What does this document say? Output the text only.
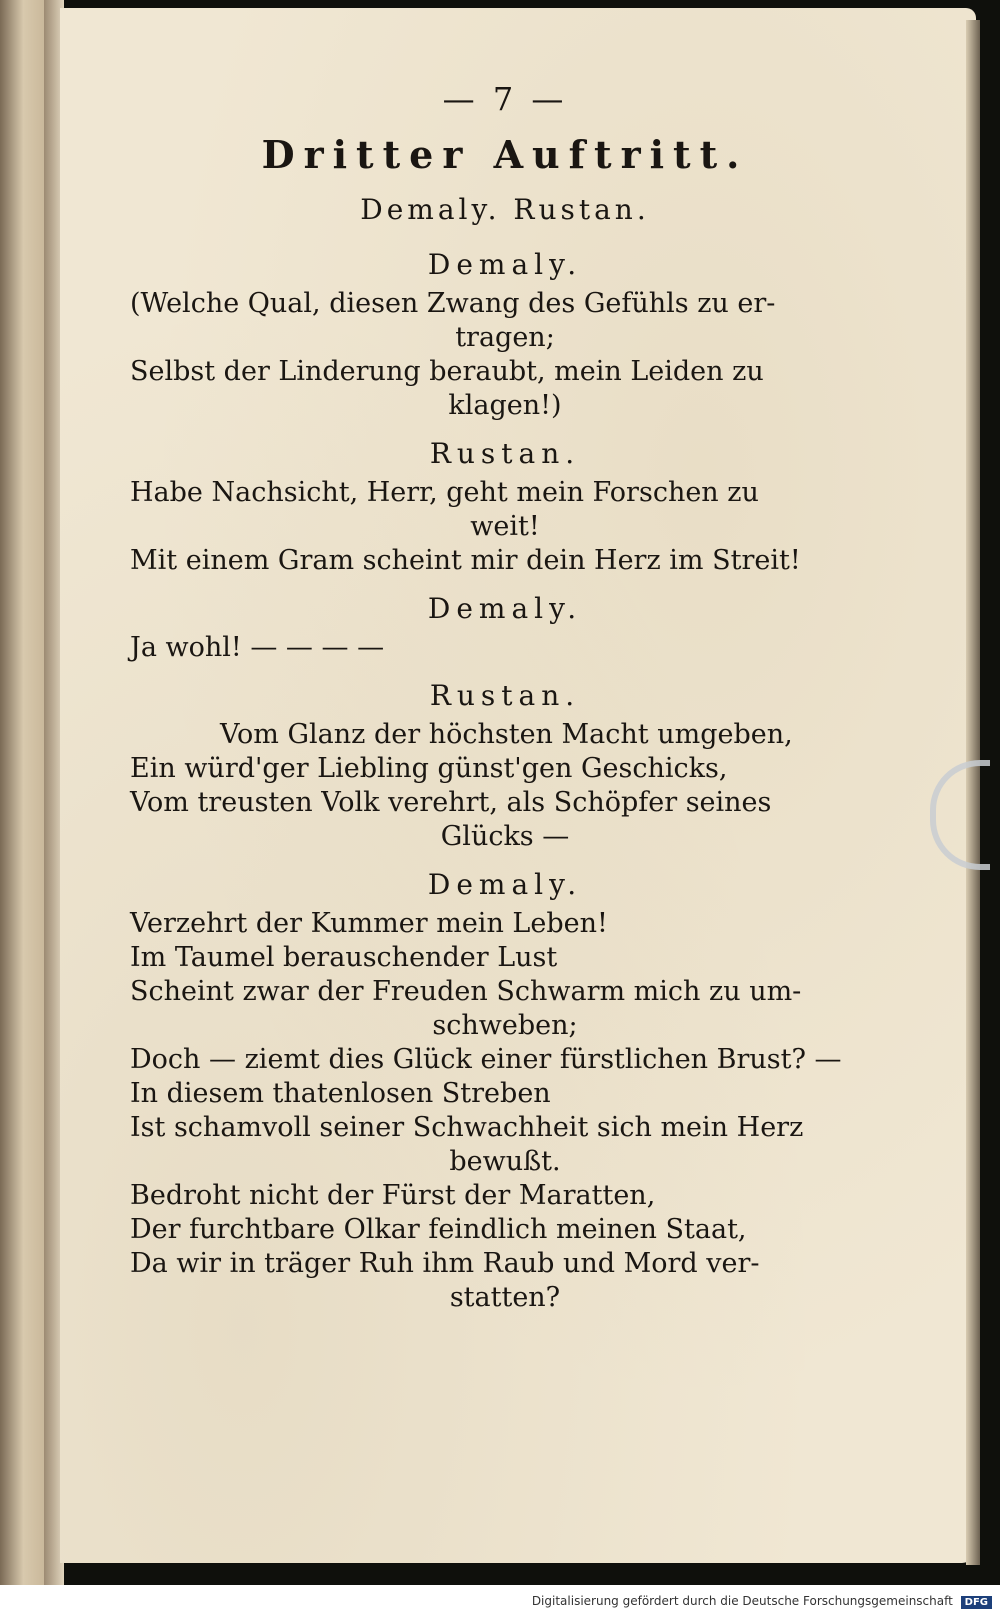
— 7 —
Dritter Auftritt.
Demaly. Rustan.
Demaly.
(Welche Qual, diesen Zwang des Gefühls zu er-
tragen;
Selbst der Linderung beraubt, mein Leiden zu
klagen!)
Rustan.
Habe Nachsicht, Herr, geht mein Forschen zu
weit!
Mit einem Gram scheint mir dein Herz im Streit!
Demaly.
Ja wohl! — — — —
Rustan.
Vom Glanz der höchsten Macht umgeben,
Ein würd'ger Liebling günst'gen Geschicks,
Vom treusten Volk verehrt, als Schöpfer seines
Glücks —
Demaly.
Verzehrt der Kummer mein Leben!
Im Taumel berauschender Lust
Scheint zwar der Freuden Schwarm mich zu um-
schweben;
Doch — ziemt dies Glück einer fürstlichen Brust? —
In diesem thatenlosen Streben
Ist schamvoll seiner Schwachheit sich mein Herz
bewußt.
Bedroht nicht der Fürst der Maratten,
Der furchtbare Olkar feindlich meinen Staat,
Da wir in träger Ruh ihm Raub und Mord ver-
statten?
Digitalisierung gefördert durch die Deutsche Forschungsgemeinschaft DFG
